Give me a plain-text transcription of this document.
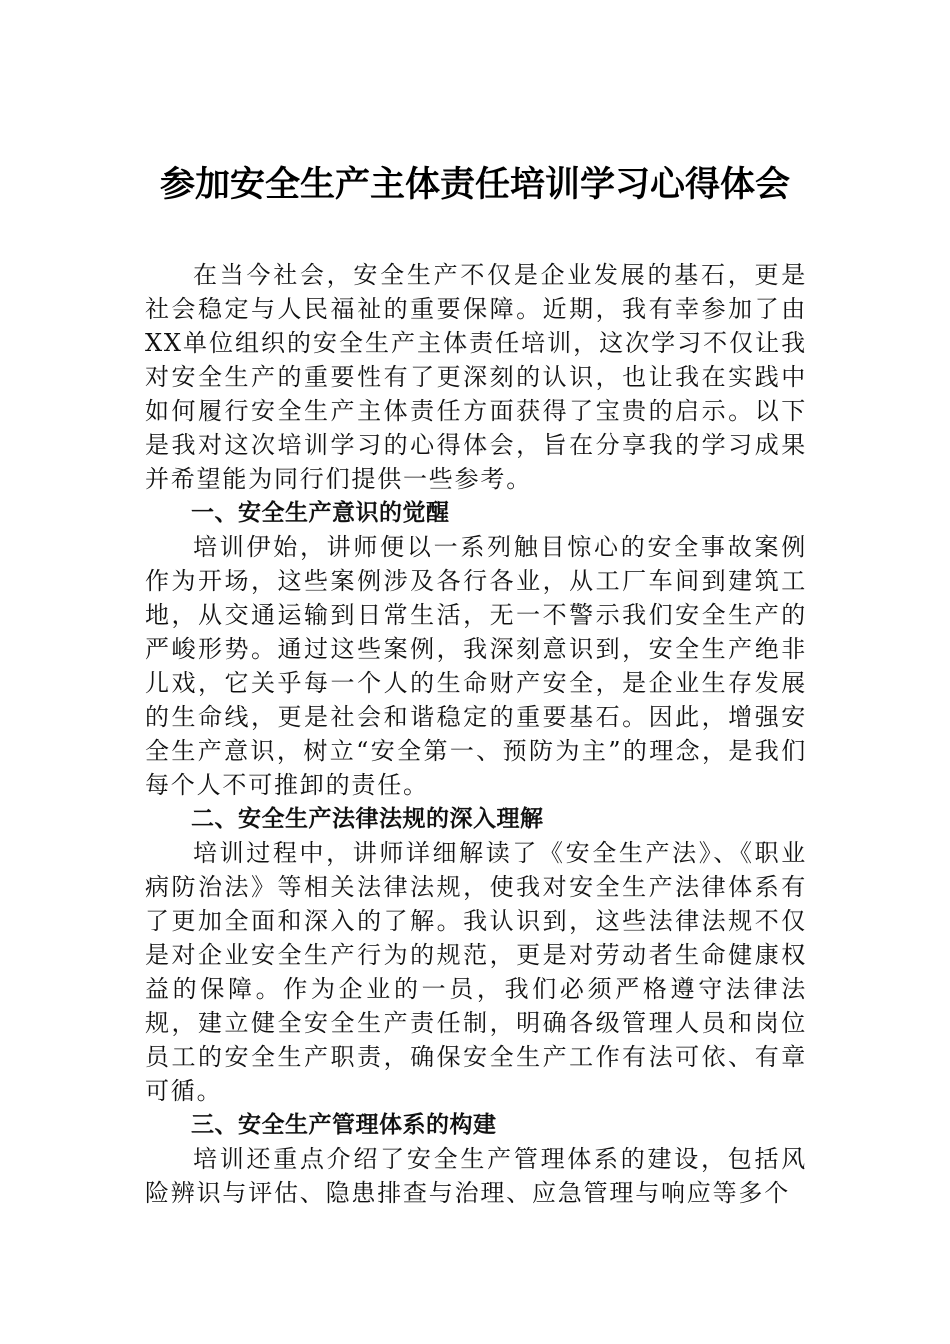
参加安全生产主体责任培训学习心得体会

在当今社会，安全生产不仅是企业发展的基石，更是社会稳定与人民福祉的重要保障。近期，我有幸参加了由XX单位组织的安全生产主体责任培训，这次学习不仅让我对安全生产的重要性有了更深刻的认识，也让我在实践中如何履行安全生产主体责任方面获得了宝贵的启示。以下是我对这次培训学习的心得体会，旨在分享我的学习成果并希望能为同行们提供一些参考。

一、安全生产意识的觉醒

培训伊始，讲师便以一系列触目惊心的安全事故案例作为开场，这些案例涉及各行各业，从工厂车间到建筑工地，从交通运输到日常生活，无一不警示我们安全生产的严峻形势。通过这些案例，我深刻意识到，安全生产绝非儿戏，它关乎每一个人的生命财产安全，是企业生存发展的生命线，更是社会和谐稳定的重要基石。因此，增强安全生产意识，树立“安全第一、预防为主”的理念，是我们每个人不可推卸的责任。

二、安全生产法律法规的深入理解

培训过程中，讲师详细解读了《安全生产法》、《职业病防治法》等相关法律法规，使我对安全生产法律体系有了更加全面和深入的了解。我认识到，这些法律法规不仅是对企业安全生产行为的规范，更是对劳动者生命健康权益的保障。作为企业的一员，我们必须严格遵守法律法规，建立健全安全生产责任制，明确各级管理人员和岗位员工的安全生产职责，确保安全生产工作有法可依、有章可循。

三、安全生产管理体系的构建

培训还重点介绍了安全生产管理体系的建设，包括风险辨识与评估、隐患排查与治理、应急管理与响应等多个
